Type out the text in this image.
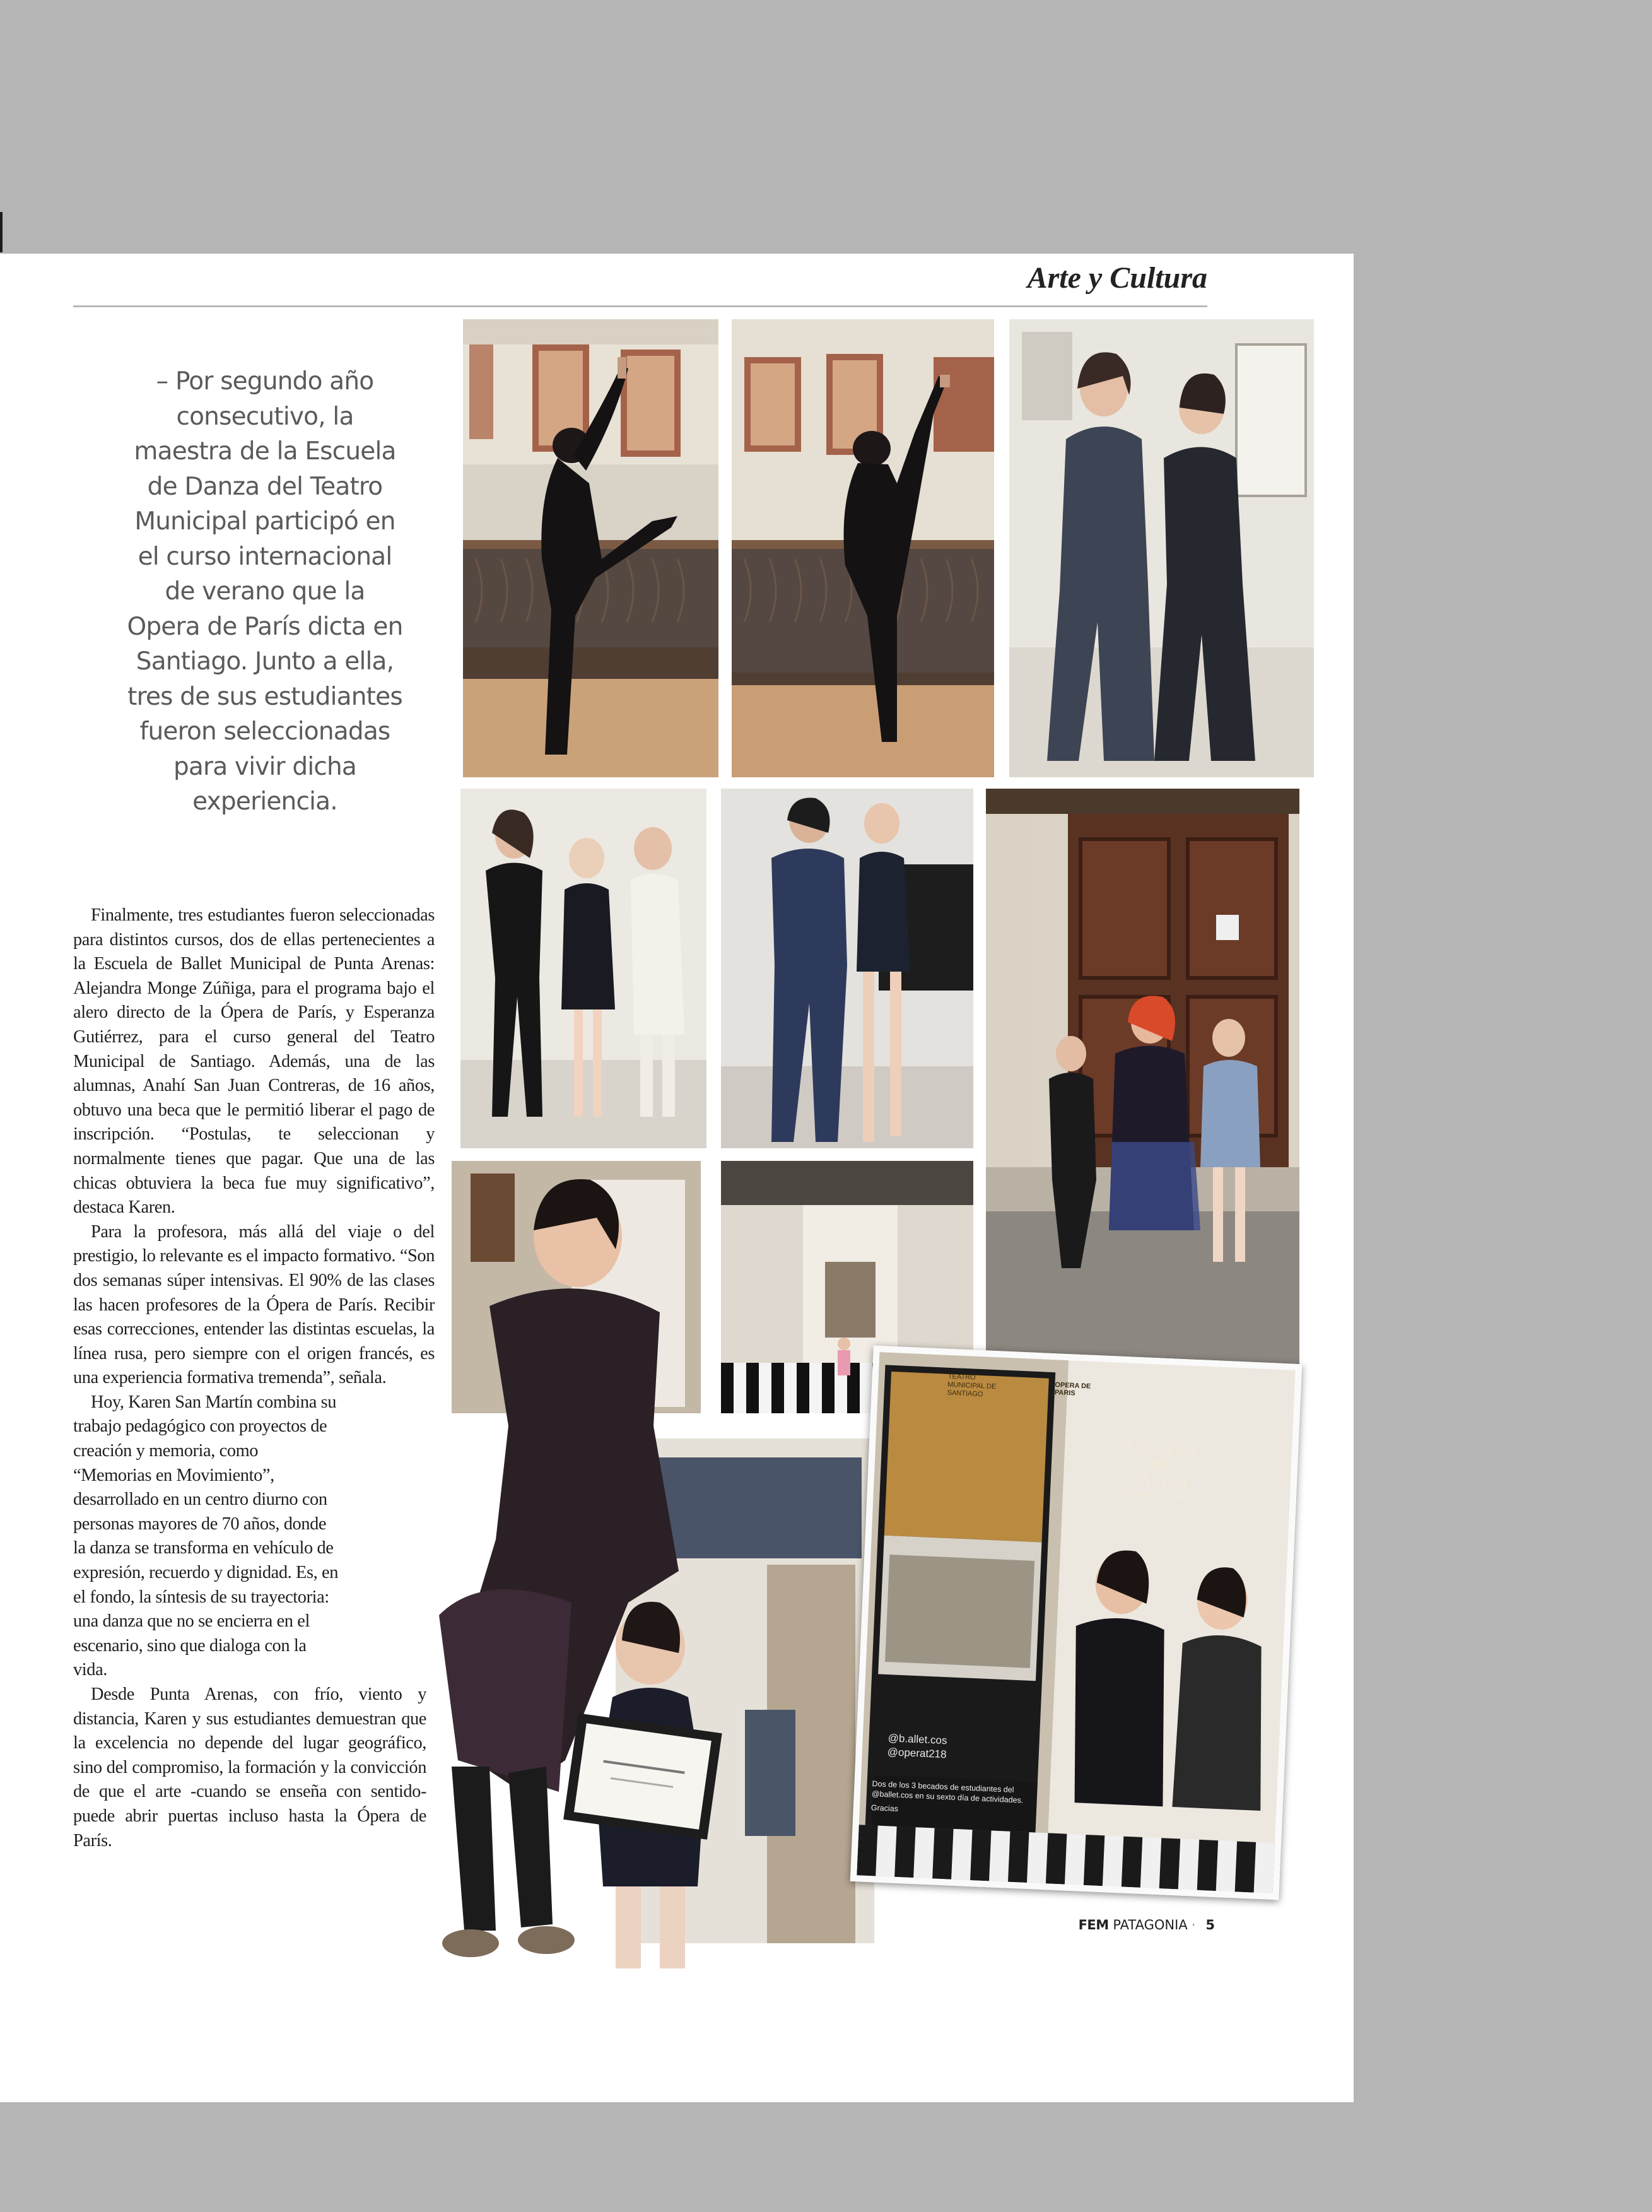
Arte y Cultura
– Por segundo año consecutivo, la maestra de la Escuela de Danza del Teatro Municipal participó en el curso internacional de verano que la Opera de París dicta en Santiago. Junto a ella, tres de sus estudiantes fueron seleccionadas para vivir dicha experiencia.
ESCUELA
DE
BALLET
OPERA DE PARIS
TEATRO MUNICIPAL DE SANTIAGO
OPERA DE PARIS
@b.allet.cos
@operat218
Dos de los 3 becados de estudiantes del @ballet.cos en su sexto día de actividades.
Gracias

Finalmente, tres estudiantes fueron seleccionadas para distintos cursos, dos de ellas pertenecientes a la Escuela de Ballet Municipal de Punta Arenas: Alejandra Monge Zúñiga, para el programa bajo el alero directo de la Ópera de París, y Esperanza Gutiérrez, para el curso general del Teatro Municipal de Santiago. Además, una de las alumnas, Anahí San Juan Contreras, de 16 años, obtuvo una beca que le permitió liberar el pago de inscripción. “Postulas, te seleccionan y normalmente tienes que pagar. Que una de las chicas obtuviera la beca fue muy significativo”, destaca Karen.

Para la profesora, más allá del viaje o del prestigio, lo relevante es el impacto formativo. “Son dos semanas súper intensivas. El 90% de las clases las hacen profesores de la Ópera de París. Recibir esas correcciones, entender las distintas escuelas, la línea rusa, pero siempre con el origen francés, es una experiencia formativa tremenda”, señala.

Hoy, Karen San Martín combina su trabajo pedagógico con proyectos de creación y memoria, como “Memorias en Movimiento”, desarrollado en un centro diurno con personas mayores de 70 años, donde la danza se transforma en vehículo de expresión, recuerdo y dignidad. Es, en el fondo, la síntesis de su trayectoria: una danza que no se encierra en el escenario, sino que dialoga con la vida.

Desde Punta Arenas, con frío, viento y distancia, Karen y sus estudiantes demuestran que la excelencia no depende del lugar geográfico, sino del compromiso, la formación y la convicción de que el arte -cuando se enseña con sentido- puede abrir puertas incluso hasta la Ópera de París.

FEM PATAGONIA · 5
